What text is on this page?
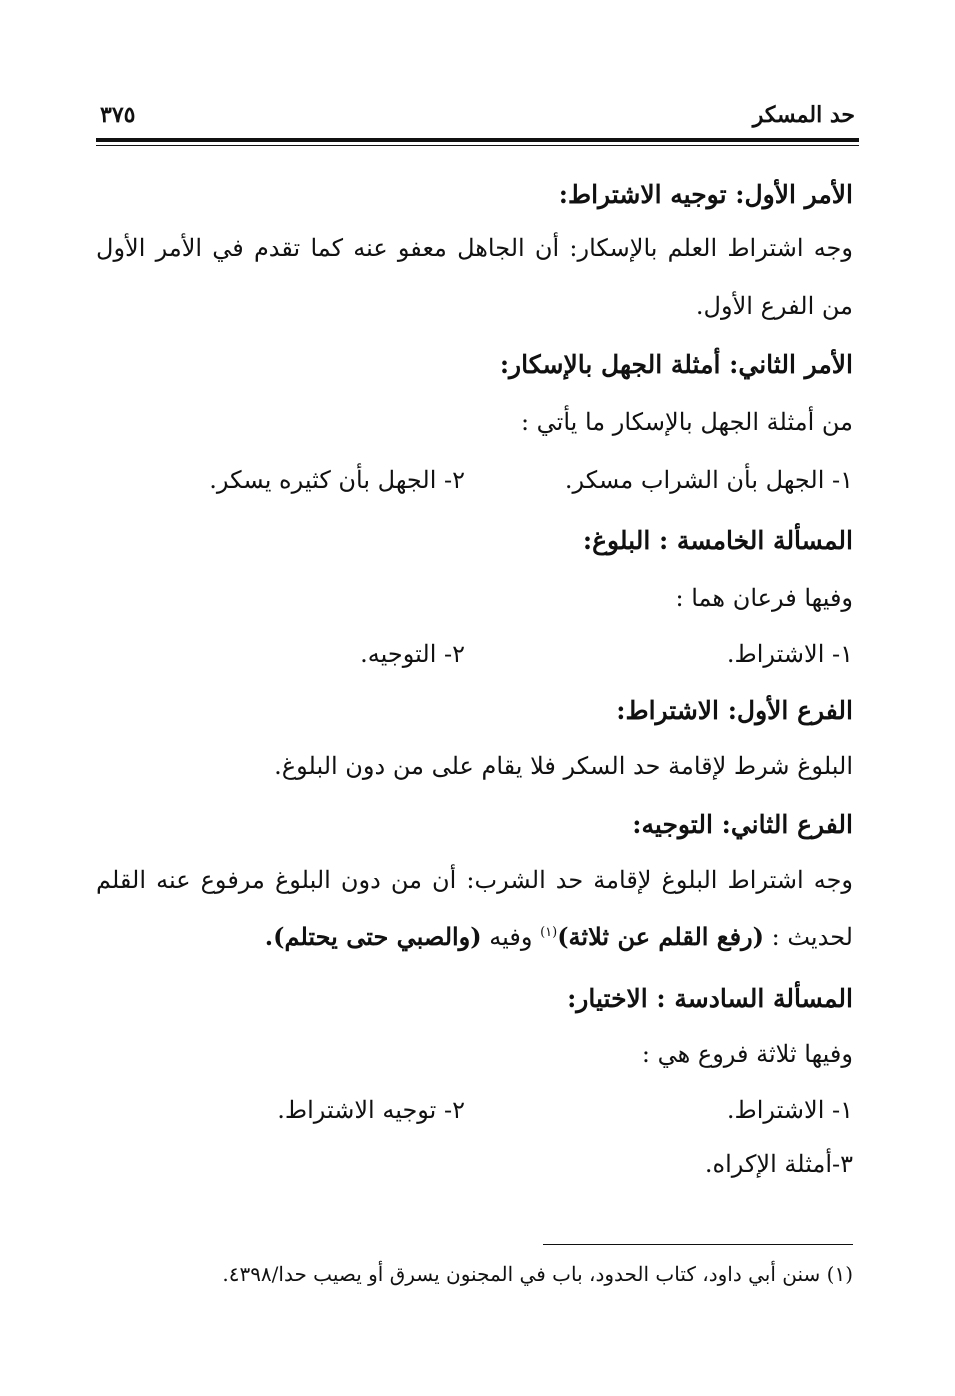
حد المسكر
٣٧٥
الأمر الأول: توجيه الاشتراط:
وجه اشتراط العلم بالإسكار: أن الجاهل معفو عنه كما تقدم في الأمر الأول
من الفرع الأول.
الأمر الثاني: أمثلة الجهل بالإسكار:
من أمثلة الجهل بالإسكار ما يأتي :
١- الجهل بأن الشراب مسكر.
٢- الجهل بأن كثيره يسكر.
المسألة الخامسة : البلوغ:
وفيها فرعان هما :
١- الاشتراط.
٢- التوجيه.
الفرع الأول: الاشتراط:
البلوغ شرط لإقامة حد السكر فلا يقام على من دون البلوغ.
الفرع الثاني: التوجيه:
وجه اشتراط البلوغ لإقامة حد الشرب: أن من دون البلوغ مرفوع عنه القلم
لحديث : (رفع القلم عن ثلاثة)$^{(١)}$ وفيه (والصبي حتى يحتلم).
المسألة السادسة : الاختيار:
وفيها ثلاثة فروع هي :
١- الاشتراط.
٢- توجيه الاشتراط.
٣-أمثلة الإكراه.
(١) سنن أبي داود، كتاب الحدود، باب في المجنون يسرق أو يصيب حدا/٤٣٩٨.
